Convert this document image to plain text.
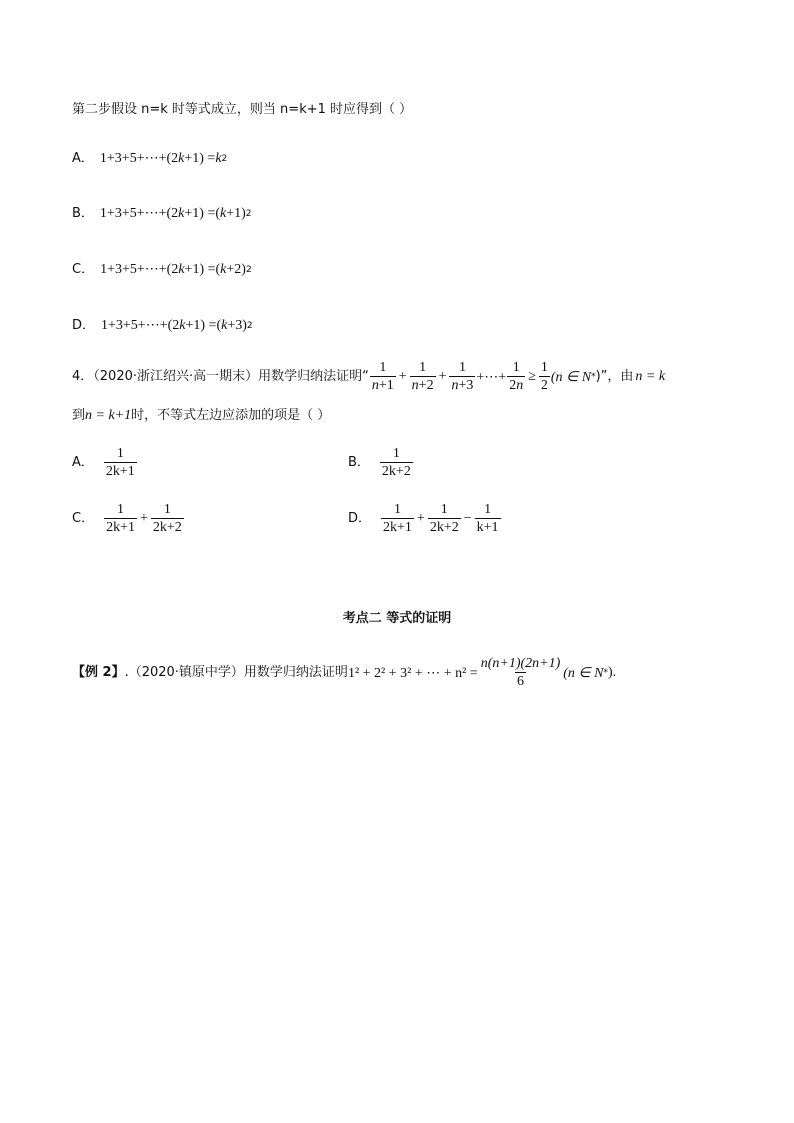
第二步假设 n=k 时等式成立，则当 n=k+1 时应得到（ ）
A． 1+3+5+⋯+(2 k +1) = k 2
B． 1+3+5+⋯+(2 k +1) = ( k +1) 2
C． 1+3+5+⋯+(2 k +1) = ( k +2) 2
D． 1+3+5+⋯+(2 k +1) = ( k +3) 2
4．（2020·浙江绍兴·高一期末）用数学归纳法证明“ $\frac{1}{n+1} + \frac{1}{n+2} + \frac{1}{n+3}$ +⋯+ $\frac{1}{2n} \ge \frac{1}{2} (n$ ∈ N * )”，由 n = k
到 n = k+1 时，不等式左边应添加的项是（ ）
A． $\frac{1}{2k+1}$	B． $\frac{1}{2k+2}$
C． $\frac{1}{2k+1} + \frac{1}{2k+2}$	D． $\frac{1}{2k+1} + \frac{1}{2k+2} - \frac{1}{k+1}$
考点二 等式的证明
【例 2】 .（2020·镇原中学）用数学归纳法证明 1² + 2² + 3² + ⋯ + $n^2 = \frac{n(n+1)(2n+1)}{6} (n$ ∈ N * ) .
